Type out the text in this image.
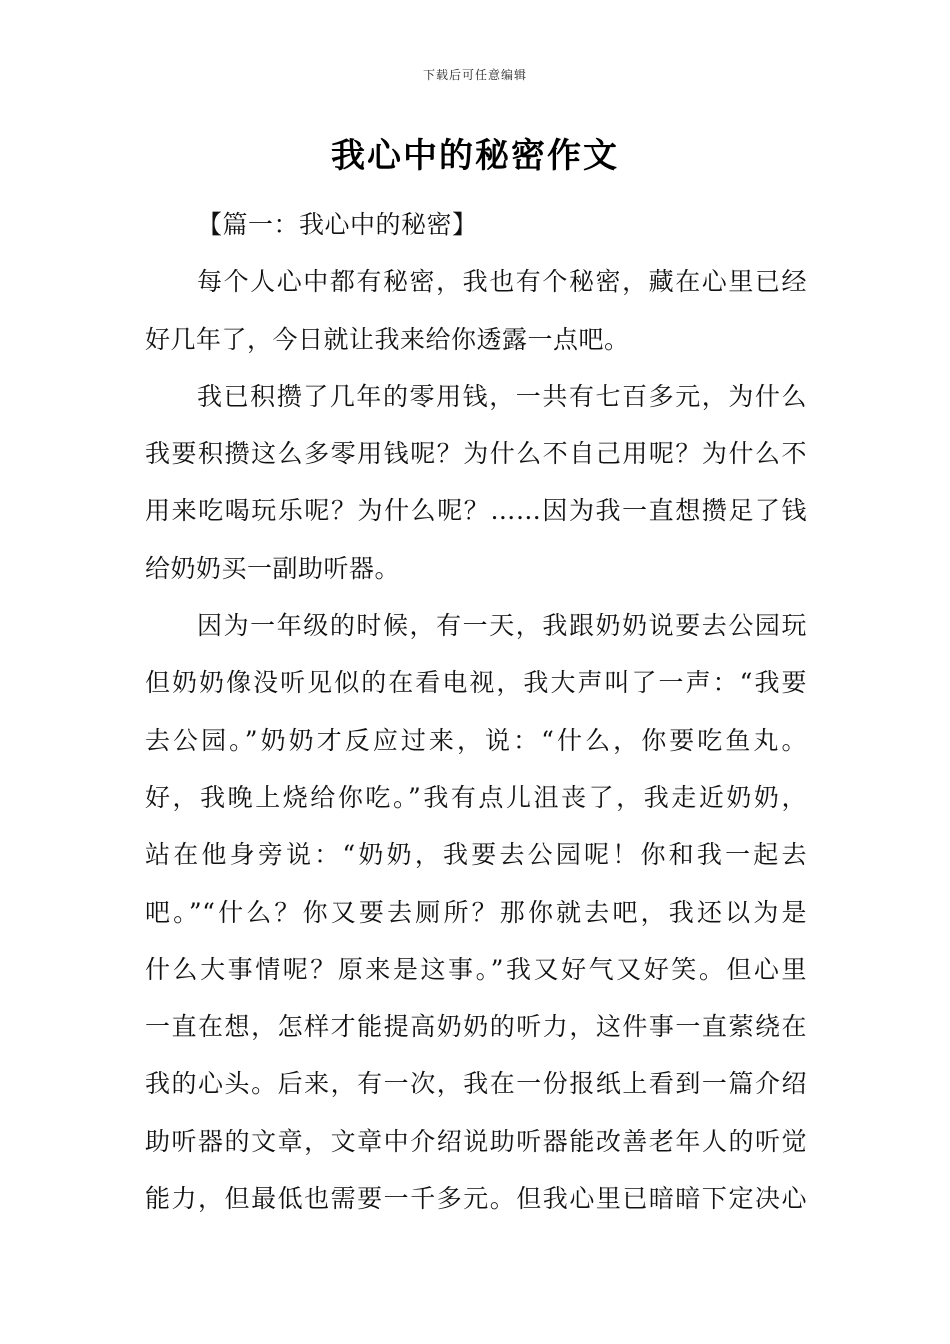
下载后可任意编辑
我心中的秘密作文
【篇一：我心中的秘密】
每个人心中都有秘密，我也有个秘密，藏在心里已经
好几年了，今日就让我来给你透露一点吧。
我已积攒了几年的零用钱，一共有七百多元，为什么
我要积攒这么多零用钱呢？为什么不自己用呢？为什么不
用来吃喝玩乐呢？为什么呢？……因为我一直想攒足了钱
给奶奶买一副助听器。
因为一年级的时候，有一天，我跟奶奶说要去公园玩
但奶奶像没听见似的在看电视，我大声叫了一声：“我要
去公园。”奶奶才反应过来，说：“什么，你要吃鱼丸。
好，我晚上烧给你吃。”我有点儿沮丧了，我走近奶奶，
站在他身旁说：“奶奶，我要去公园呢！你和我一起去
吧。”“什么？你又要去厕所？那你就去吧，我还以为是
什么大事情呢？原来是这事。”我又好气又好笑。但心里
一直在想，怎样才能提高奶奶的听力，这件事一直萦绕在
我的心头。后来，有一次，我在一份报纸上看到一篇介绍
助听器的文章，文章中介绍说助听器能改善老年人的听觉
能力，但最低也需要一千多元。但我心里已暗暗下定决心
